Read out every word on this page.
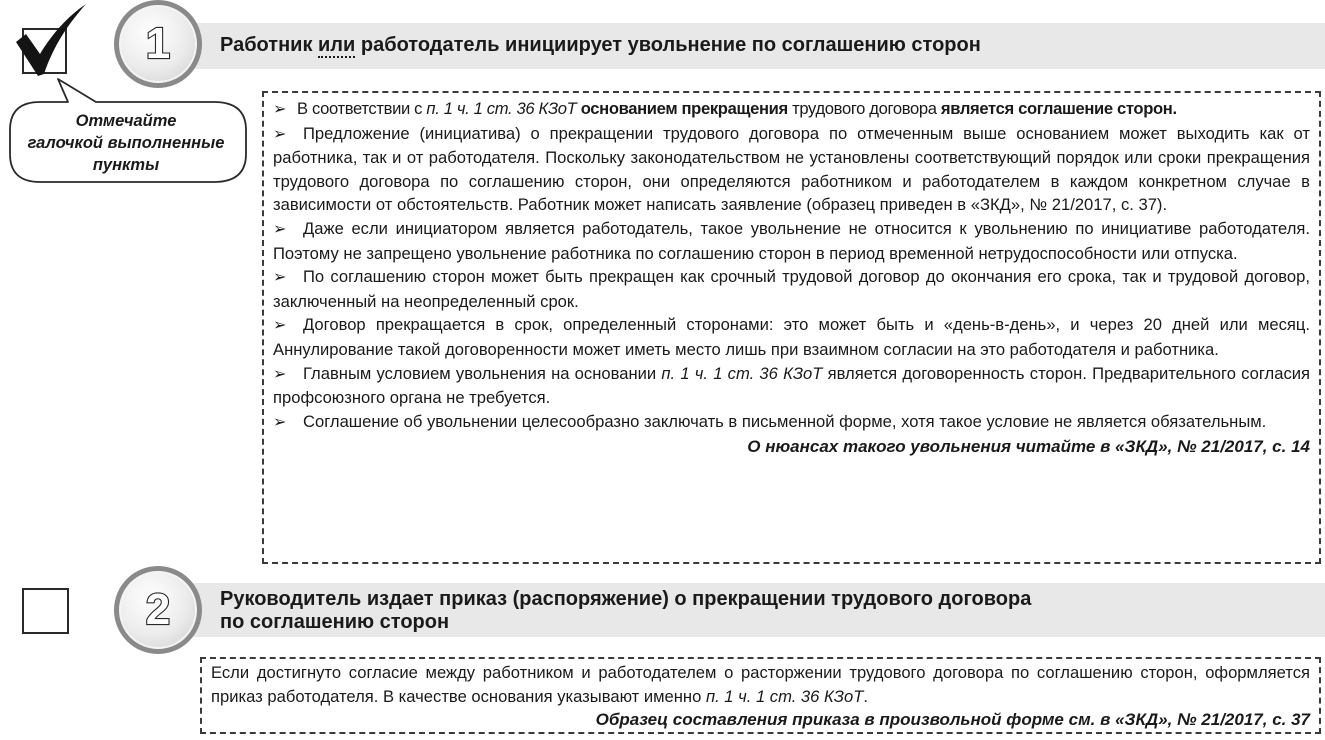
Работник или работодатель инициирует увольнение по соглашению сторон
1
Отмечайте
галочкой выполненные
пункты

➢ В соответствии с п. 1 ч. 1 ст. 36 КЗоТ основанием прекращения трудового договора является соглашение сторон.

➢ Предложение (инициатива) о прекращении трудового договора по отмеченным выше основанием может выходить как от работника, так и от работодателя. Поскольку законодательством не установлены соответствующий порядок или сроки прекращения трудового договора по соглашению сторон, они определяются работником и работодателем в каждом конкретном случае в зависимости от обстоятельств. Работник может написать заявление (образец приведен в «ЗКД», № 21/2017, с. 37).

➢ Даже если инициатором является работодатель, такое увольнение не относится к увольнению по инициативе работодателя. Поэтому не запрещено увольнение работника по соглашению сторон в период временной нетрудоспособности или отпуска.

➢ По соглашению сторон может быть прекращен как срочный трудовой договор до окончания его срока, так и трудовой договор, заключенный на неопределенный срок.

➢ Договор прекращается в срок, определенный сторонами: это может быть и «день-в-день», и через 20 дней или месяц. Аннулирование такой договоренности может иметь место лишь при взаимном согласии на это работодателя и работника.

➢ Главным условием увольнения на основании п. 1 ч. 1 ст. 36 КЗоТ является договоренность сторон. Предварительного согласия профсоюзного органа не требуется.

➢ Соглашение об увольнении целесообразно заключать в письменной форме, хотя такое условие не является обязательным.

О нюансах такого увольнения читайте в «ЗКД», № 21/2017, с. 14
Руководитель издает приказ (распоряжение) о прекращении трудового договора
по соглашению сторон
2

Если достигнуто согласие между работником и работодателем о расторжении трудового договора по соглашению сторон, оформляется приказ работодателя. В качестве основания указывают именно п. 1 ч. 1 ст. 36 КЗоТ.

Образец составления приказа в произвольной форме см. в «ЗКД», № 21/2017, с. 37
